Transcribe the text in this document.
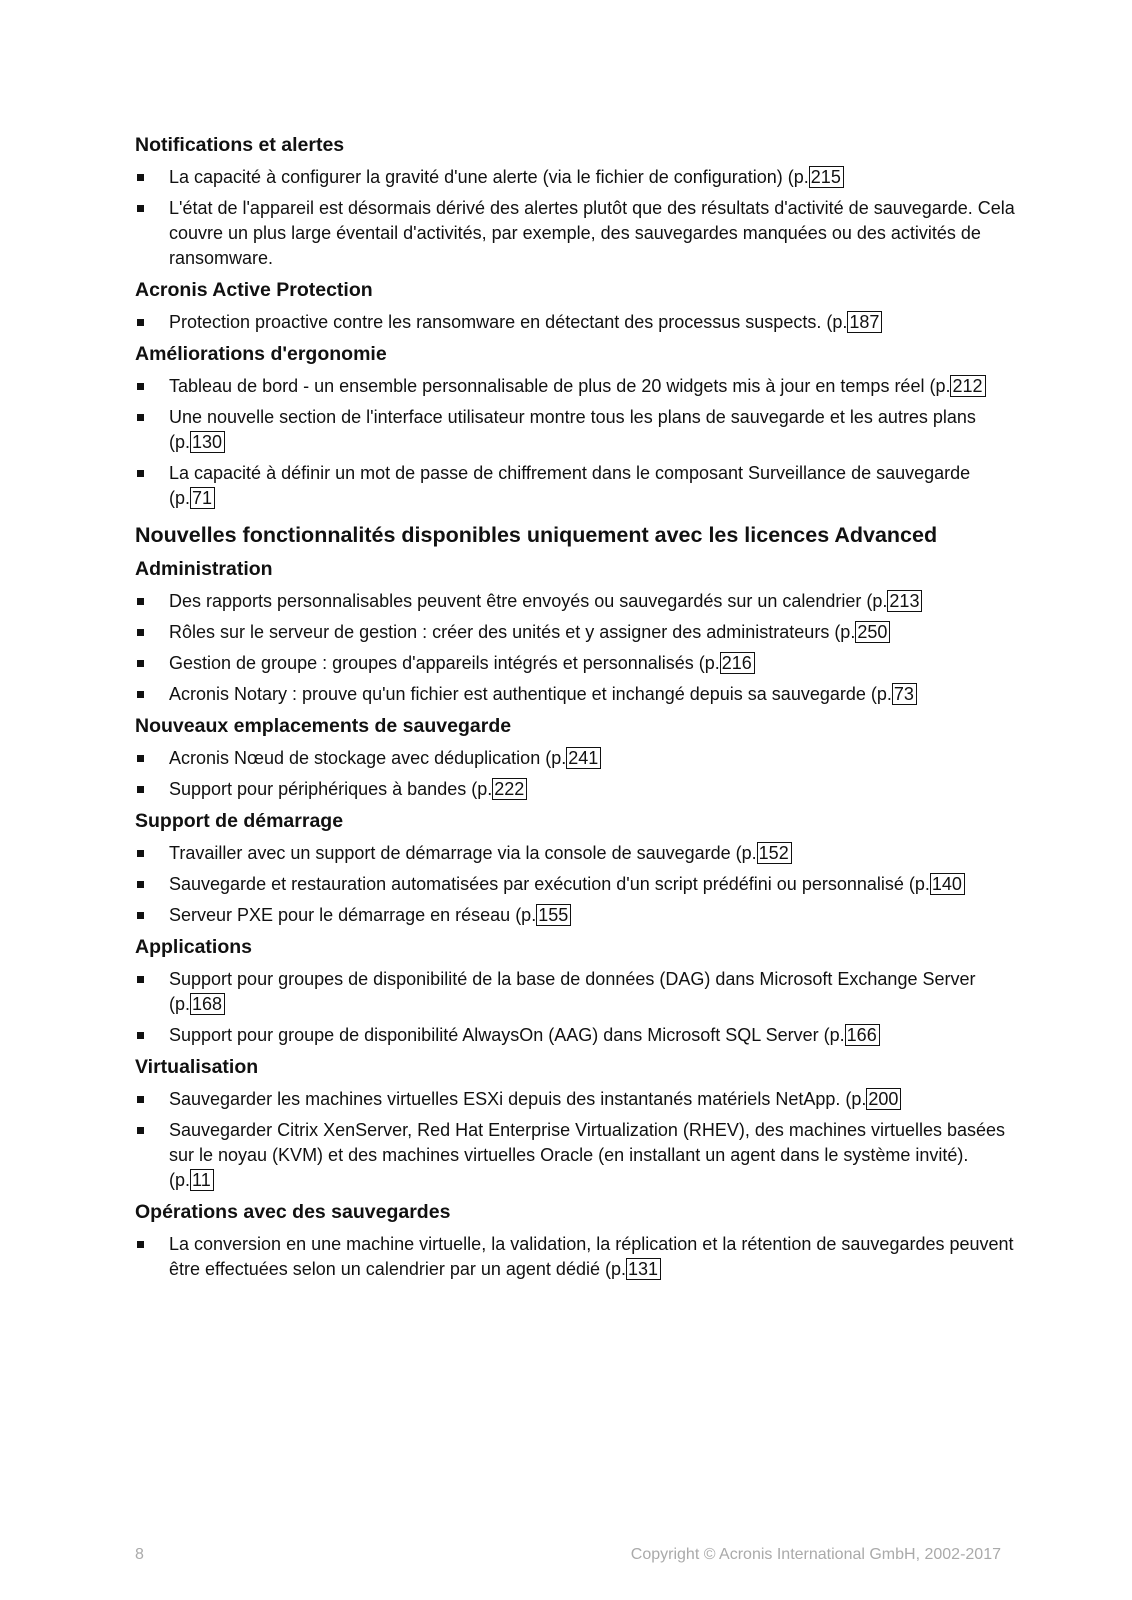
Notifications et alertes
La capacité à configurer la gravité d'une alerte (via le fichier de configuration) (p. 215
L'état de l'appareil est désormais dérivé des alertes plutôt que des résultats d'activité de sauvegarde. Cela couvre un plus large éventail d'activités, par exemple, des sauvegardes manquées ou des activités de ransomware.
Acronis Active Protection
Protection proactive contre les ransomware en détectant des processus suspects. (p. 187
Améliorations d'ergonomie
Tableau de bord - un ensemble personnalisable de plus de 20 widgets mis à jour en temps réel (p. 212
Une nouvelle section de l'interface utilisateur montre tous les plans de sauvegarde et les autres plans (p. 130
La capacité à définir un mot de passe de chiffrement dans le composant Surveillance de sauvegarde (p. 71
Nouvelles fonctionnalités disponibles uniquement avec les licences Advanced
Administration
Des rapports personnalisables peuvent être envoyés ou sauvegardés sur un calendrier (p. 213
Rôles sur le serveur de gestion : créer des unités et y assigner des administrateurs (p. 250
Gestion de groupe : groupes d'appareils intégrés et personnalisés (p. 216
Acronis Notary : prouve qu'un fichier est authentique et inchangé depuis sa sauvegarde (p. 73
Nouveaux emplacements de sauvegarde
Acronis Nœud de stockage avec déduplication (p. 241
Support pour périphériques à bandes (p. 222
Support de démarrage
Travailler avec un support de démarrage via la console de sauvegarde (p. 152
Sauvegarde et restauration automatisées par exécution d'un script prédéfini ou personnalisé (p. 140
Serveur PXE pour le démarrage en réseau (p. 155
Applications
Support pour groupes de disponibilité de la base de données (DAG) dans Microsoft Exchange Server (p. 168
Support pour groupe de disponibilité AlwaysOn (AAG) dans Microsoft SQL Server (p. 166
Virtualisation
Sauvegarder les machines virtuelles ESXi depuis des instantanés matériels NetApp. (p. 200
Sauvegarder Citrix XenServer, Red Hat Enterprise Virtualization (RHEV), des machines virtuelles basées sur le noyau (KVM) et des machines virtuelles Oracle (en installant un agent dans le système invité). (p. 11
Opérations avec des sauvegardes
La conversion en une machine virtuelle, la validation, la réplication et la rétention de sauvegardes peuvent être effectuées selon un calendrier par un agent dédié (p. 131
8	Copyright © Acronis International GmbH, 2002-2017
